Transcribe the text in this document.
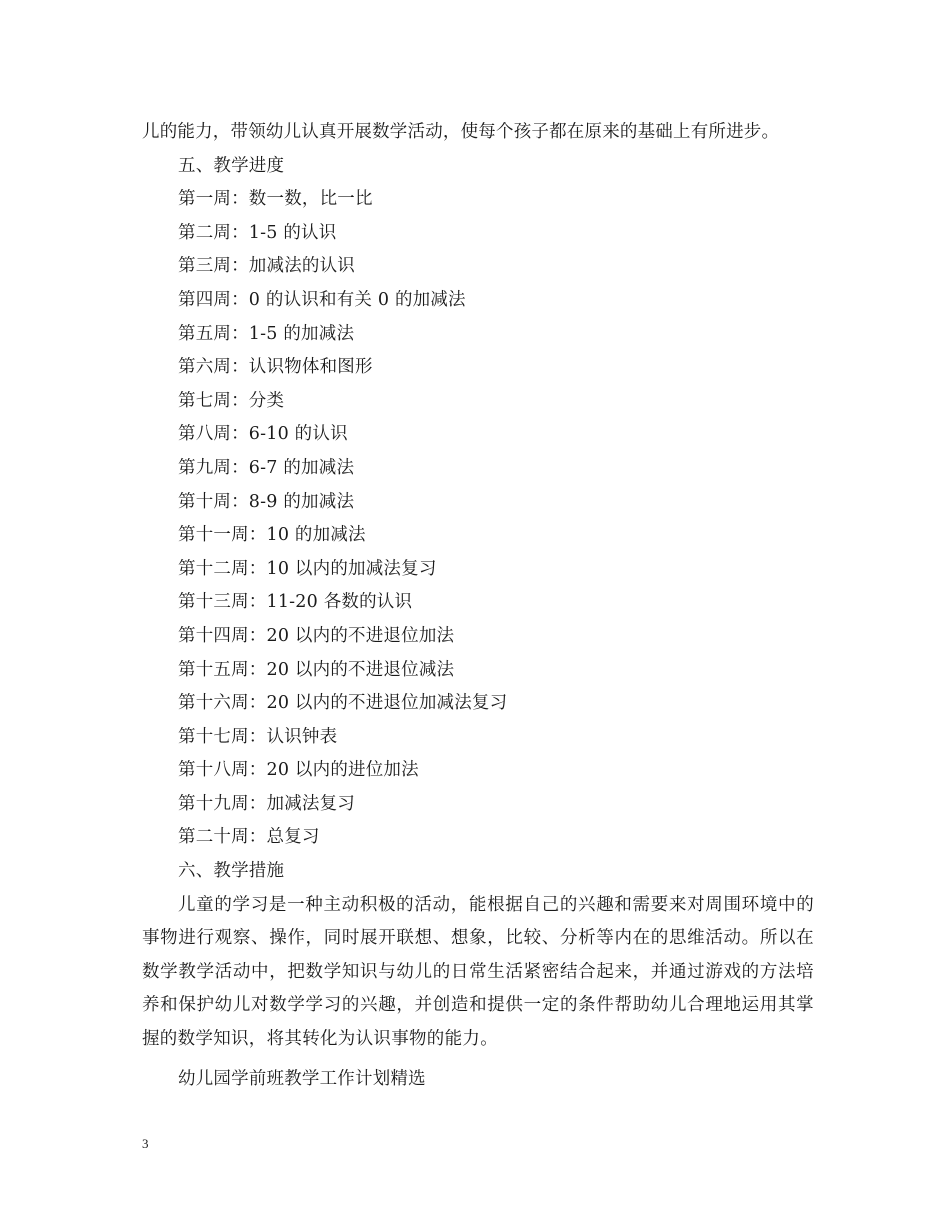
儿的能力，带领幼儿认真开展数学活动，使每个孩子都在原来的基础上有所进步。
五、教学进度
第一周：数一数，比一比
第二周：1-5 的认识
第三周：加减法的认识
第四周：0 的认识和有关 0 的加减法
第五周：1-5 的加减法
第六周：认识物体和图形
第七周：分类
第八周：6-10 的认识
第九周：6-7 的加减法
第十周：8-9 的加减法
第十一周：10 的加减法
第十二周：10 以内的加减法复习
第十三周：11-20 各数的认识
第十四周：20 以内的不进退位加法
第十五周：20 以内的不进退位减法
第十六周：20 以内的不进退位加减法复习
第十七周：认识钟表
第十八周：20 以内的进位加法
第十九周：加减法复习
第二十周：总复习
六、教学措施
儿童的学习是一种主动积极的活动，能根据自己的兴趣和需要来对周围环境中的事物进行观察、操作，同时展开联想、想象，比较、分析等内在的思维活动。所以在数学教学活动中，把数学知识与幼儿的日常生活紧密结合起来，并通过游戏的方法培养和保护幼儿对数学学习的兴趣，并创造和提供一定的条件帮助幼儿合理地运用其掌握的数学知识，将其转化为认识事物的能力。
幼儿园学前班教学工作计划精选
3
